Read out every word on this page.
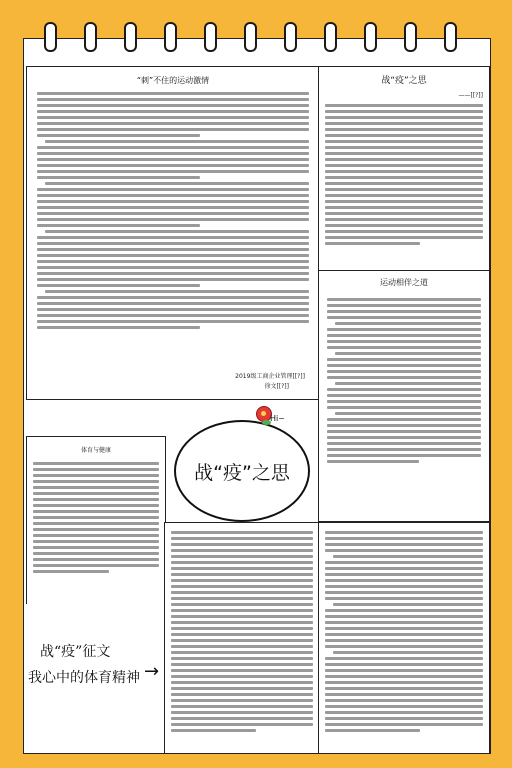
“刺”不住的运动激情
2019级工商企业管理[[?]]
徐文[[?]]
战“疫”之思
——[[?]]
运动相伴之道
体育与健康
战“疫”之思
Hi~
战“疫”征文
我心中的体育精神 →
